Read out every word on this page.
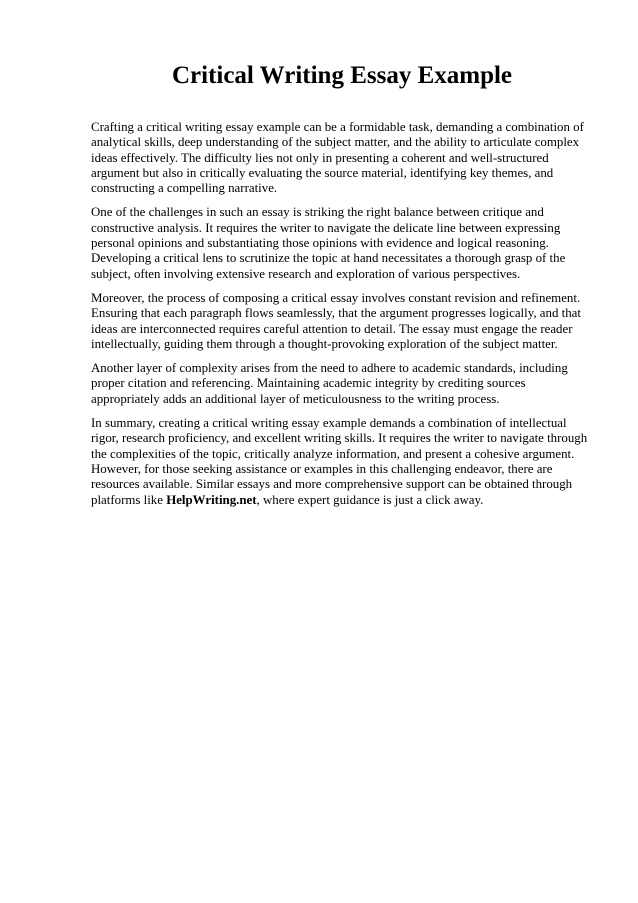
Critical Writing Essay Example

Crafting a critical writing essay example can be a formidable task, demanding a combination of analytical skills, deep understanding of the subject matter, and the ability to articulate complex ideas effectively. The difficulty lies not only in presenting a coherent and well-structured argument but also in critically evaluating the source material, identifying key themes, and constructing a compelling narrative.

One of the challenges in such an essay is striking the right balance between critique and constructive analysis. It requires the writer to navigate the delicate line between expressing personal opinions and substantiating those opinions with evidence and logical reasoning. Developing a critical lens to scrutinize the topic at hand necessitates a thorough grasp of the subject, often involving extensive research and exploration of various perspectives.

Moreover, the process of composing a critical essay involves constant revision and refinement. Ensuring that each paragraph flows seamlessly, that the argument progresses logically, and that ideas are interconnected requires careful attention to detail. The essay must engage the reader intellectually, guiding them through a thought-provoking exploration of the subject matter.

Another layer of complexity arises from the need to adhere to academic standards, including proper citation and referencing. Maintaining academic integrity by crediting sources appropriately adds an additional layer of meticulousness to the writing process.

In summary, creating a critical writing essay example demands a combination of intellectual rigor, research proficiency, and excellent writing skills. It requires the writer to navigate through the complexities of the topic, critically analyze information, and present a cohesive argument. However, for those seeking assistance or examples in this challenging endeavor, there are resources available. Similar essays and more comprehensive support can be obtained through platforms like HelpWriting.net, where expert guidance is just a click away.
